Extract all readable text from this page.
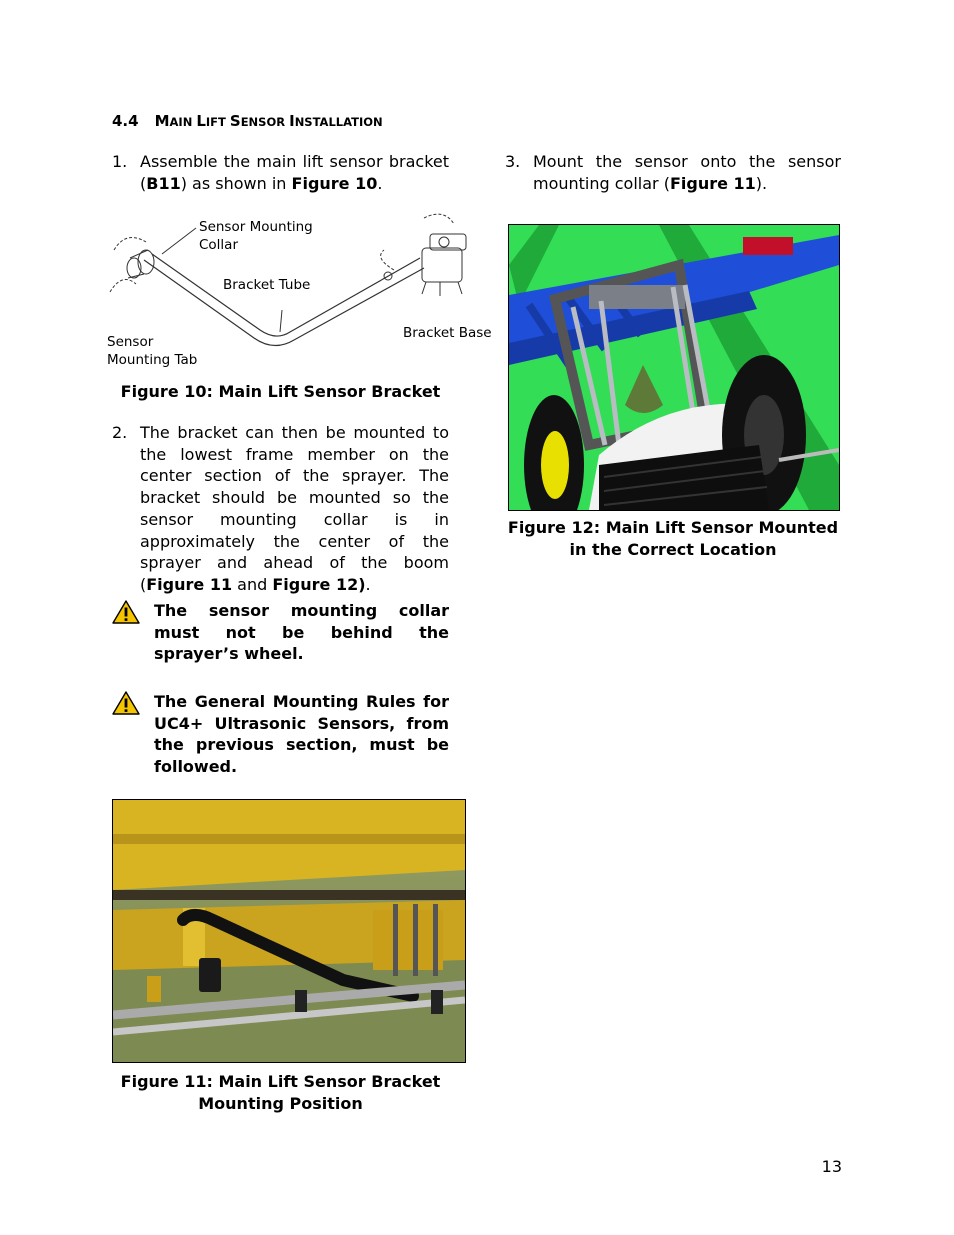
4.4 MAIN LIFT SENSOR INSTALLATION
1. Assemble the main lift sensor bracket (B11) as shown in Figure 10.
Sensor Mounting
Collar
Bracket Tube
Bracket Base
Sensor
Mounting Tab
Figure 10: Main Lift Sensor Bracket
2. The bracket can then be mounted to the lowest frame member on the center section of the sprayer. The bracket should be mounted so the sensor mounting collar is in approximately the center of the sprayer and ahead of the boom (Figure 11 and Figure 12).
The sensor mounting collar must not be behind the sprayer’s wheel.
The General Mounting Rules for UC4+ Ultrasonic Sensors, from the previous section, must be followed.
Figure 11: Main Lift Sensor Bracket
Mounting Position
3. Mount the sensor onto the sensor mounting collar (Figure 11).
Figure 12: Main Lift Sensor Mounted
in the Correct Location
13
